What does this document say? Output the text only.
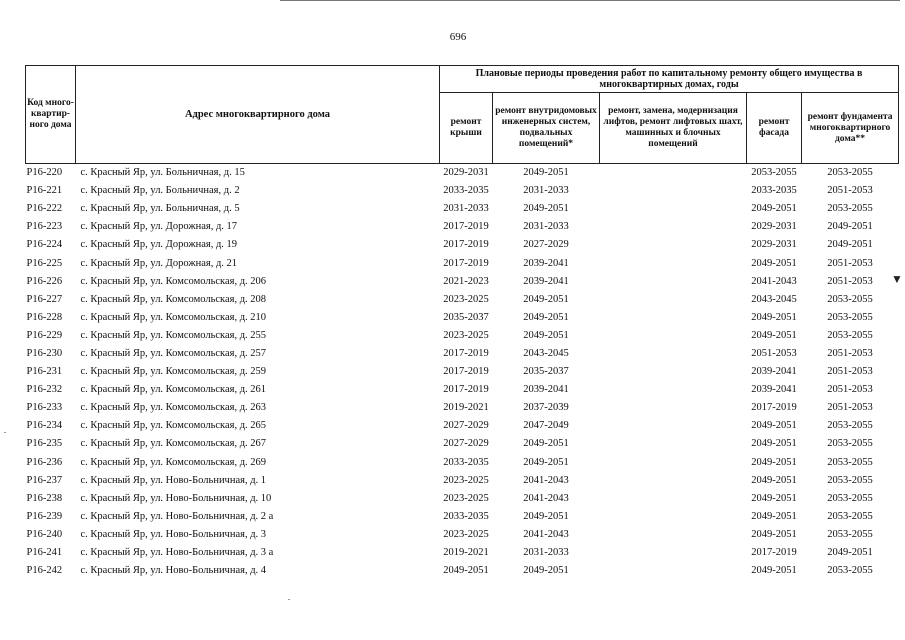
696
Код много-квартир-ного дома	Адрес многоквартирного дома	Плановые периоды проведения работ по капитальному ремонту общего имущества в многоквартирных домах, годы				
		ремонт крыши	ремонт внутридомовых инженерных систем, подвальных помещений*	ремонт, замена, модернизация лифтов, ремонт лифтовых шахт, машинных и блочных помещений	ремонт фасада	ремонт фундамента многоквартирного дома**
Р16-220	с. Красный Яр, ул. Больничная, д. 15	2029-2031	2049-2051		2053-2055	2053-2055
Р16-221	с. Красный Яр, ул. Больничная, д. 2	2033-2035	2031-2033		2033-2035	2051-2053
Р16-222	с. Красный Яр, ул. Больничная, д. 5	2031-2033	2049-2051		2049-2051	2053-2055
Р16-223	с. Красный Яр, ул. Дорожная, д. 17	2017-2019	2031-2033		2029-2031	2049-2051
Р16-224	с. Красный Яр, ул. Дорожная, д. 19	2017-2019	2027-2029		2029-2031	2049-2051
Р16-225	с. Красный Яр, ул. Дорожная, д. 21	2017-2019	2039-2041		2049-2051	2051-2053
Р16-226	с. Красный Яр, ул. Комсомольская, д. 206	2021-2023	2039-2041		2041-2043	2051-2053
Р16-227	с. Красный Яр, ул. Комсомольская, д. 208	2023-2025	2049-2051		2043-2045	2053-2055
Р16-228	с. Красный Яр, ул. Комсомольская, д. 210	2035-2037	2049-2051		2049-2051	2053-2055
Р16-229	с. Красный Яр, ул. Комсомольская, д. 255	2023-2025	2049-2051		2049-2051	2053-2055
Р16-230	с. Красный Яр, ул. Комсомольская, д. 257	2017-2019	2043-2045		2051-2053	2051-2053
Р16-231	с. Красный Яр, ул. Комсомольская, д. 259	2017-2019	2035-2037		2039-2041	2051-2053
Р16-232	с. Красный Яр, ул. Комсомольская, д. 261	2017-2019	2039-2041		2039-2041	2051-2053
Р16-233	с. Красный Яр, ул. Комсомольская, д. 263	2019-2021	2037-2039		2017-2019	2051-2053
Р16-234	с. Красный Яр, ул. Комсомольская, д. 265	2027-2029	2047-2049		2049-2051	2053-2055
Р16-235	с. Красный Яр, ул. Комсомольская, д. 267	2027-2029	2049-2051		2049-2051	2053-2055
Р16-236	с. Красный Яр, ул. Комсомольская, д. 269	2033-2035	2049-2051		2049-2051	2053-2055
Р16-237	с. Красный Яр, ул. Ново-Больничная, д. 1	2023-2025	2041-2043		2049-2051	2053-2055
Р16-238	с. Красный Яр, ул. Ново-Больничная, д. 10	2023-2025	2041-2043		2049-2051	2053-2055
Р16-239	с. Красный Яр, ул. Ново-Больничная, д. 2 а	2033-2035	2049-2051		2049-2051	2053-2055
Р16-240	с. Красный Яр, ул. Ново-Больничная, д. 3	2023-2025	2041-2043		2049-2051	2053-2055
Р16-241	с. Красный Яр, ул. Ново-Больничная, д. 3 а	2019-2021	2031-2033		2017-2019	2049-2051
Р16-242	с. Красный Яр, ул. Ново-Больничная, д. 4	2049-2051	2049-2051		2049-2051	2053-2055
▼
